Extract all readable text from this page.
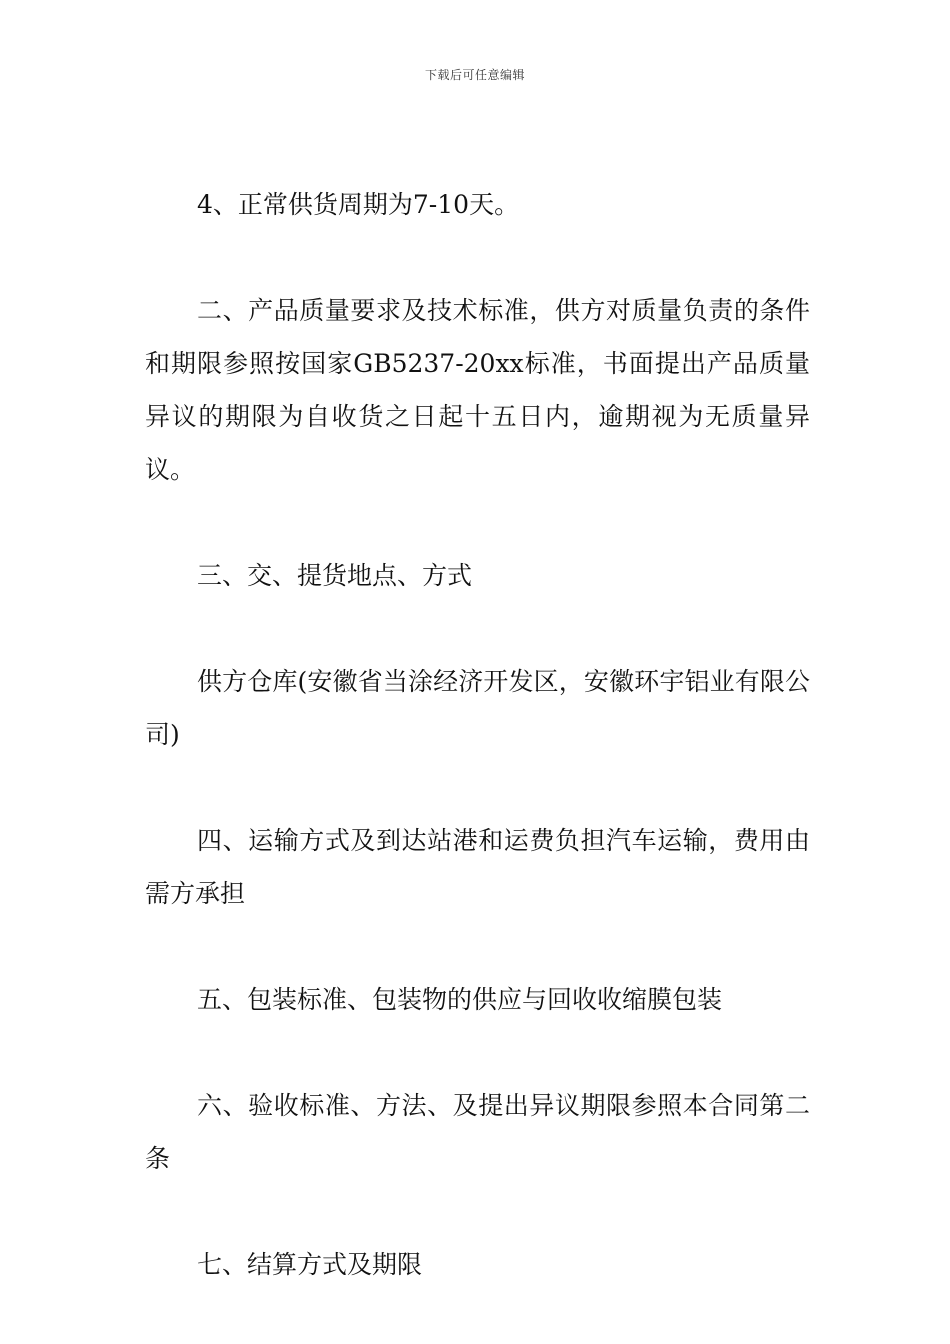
下载后可任意编辑

4、正常供货周期为7-10天。

二、产品质量要求及技术标准，供方对质量负责的条件和期限参照按国家GB5237-20xx标准，书面提出产品质量异议的期限为自收货之日起十五日内，逾期视为无质量异议。

三、交、提货地点、方式

供方仓库(安徽省当涂经济开发区，安徽环宇铝业有限公司)

四、运输方式及到达站港和运费负担汽车运输，费用由需方承担

五、包装标准、包装物的供应与回收收缩膜包装

六、验收标准、方法、及提出异议期限参照本合同第二条

七、结算方式及期限
